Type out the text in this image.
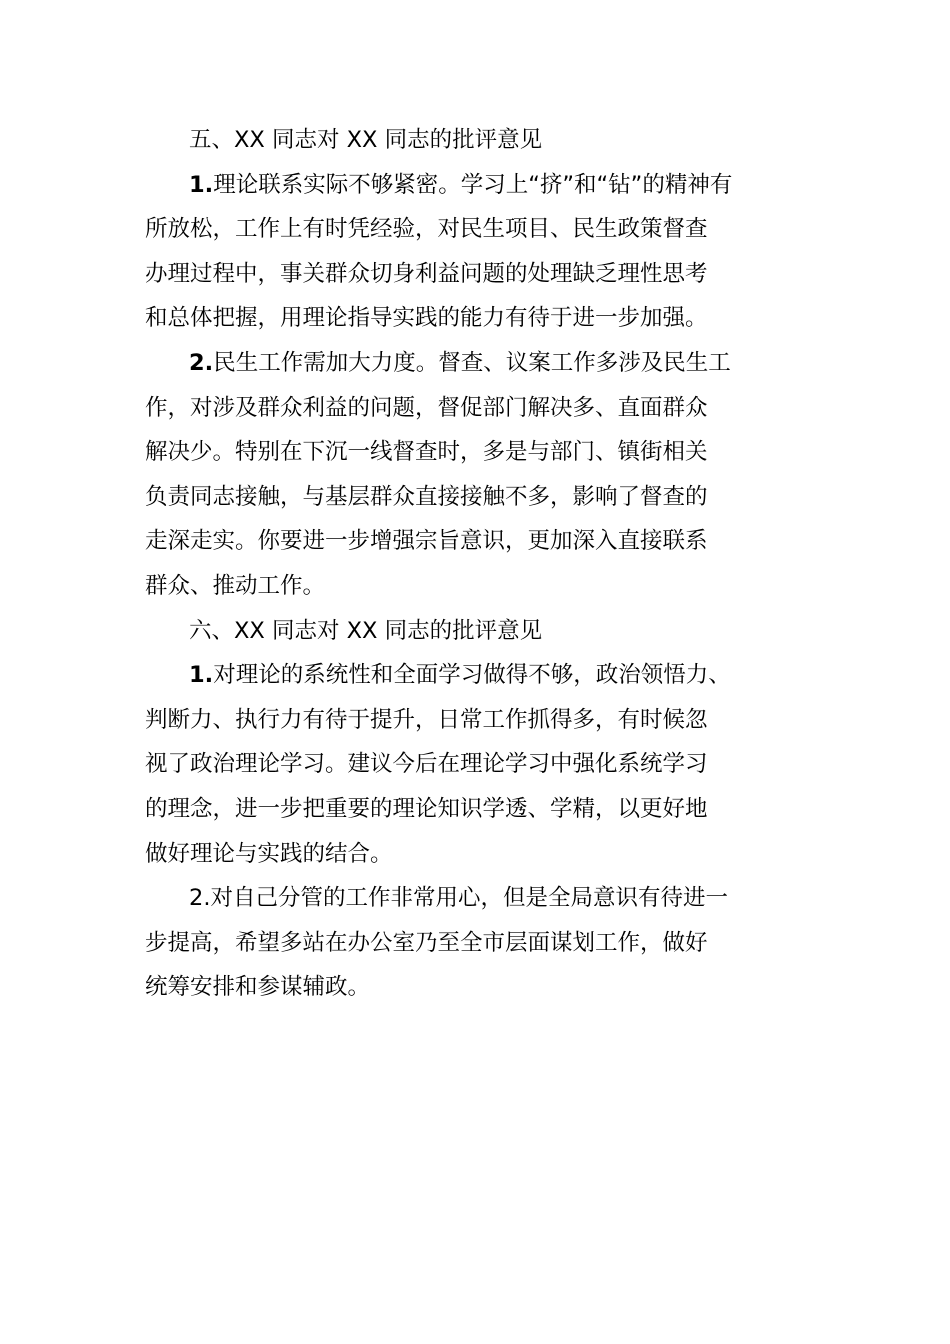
五、XX 同志对 XX 同志的批评意见
1.理论联系实际不够紧密。学习上“挤”和“钻”的精神有
所放松，工作上有时凭经验，对民生项目、民生政策督查
办理过程中，事关群众切身利益问题的处理缺乏理性思考
和总体把握，用理论指导实践的能力有待于进一步加强。
2.民生工作需加大力度。督查、议案工作多涉及民生工
作，对涉及群众利益的问题，督促部门解决多、直面群众
解决少。特别在下沉一线督查时，多是与部门、镇街相关
负责同志接触，与基层群众直接接触不多，影响了督查的
走深走实。你要进一步增强宗旨意识，更加深入直接联系
群众、推动工作。
六、XX 同志对 XX 同志的批评意见
1.对理论的系统性和全面学习做得不够，政治领悟力、
判断力、执行力有待于提升，日常工作抓得多，有时候忽
视了政治理论学习。建议今后在理论学习中强化系统学习
的理念，进一步把重要的理论知识学透、学精，以更好地
做好理论与实践的结合。
2.对自己分管的工作非常用心，但是全局意识有待进一
步提高，希望多站在办公室乃至全市层面谋划工作，做好
统筹安排和参谋辅政。
